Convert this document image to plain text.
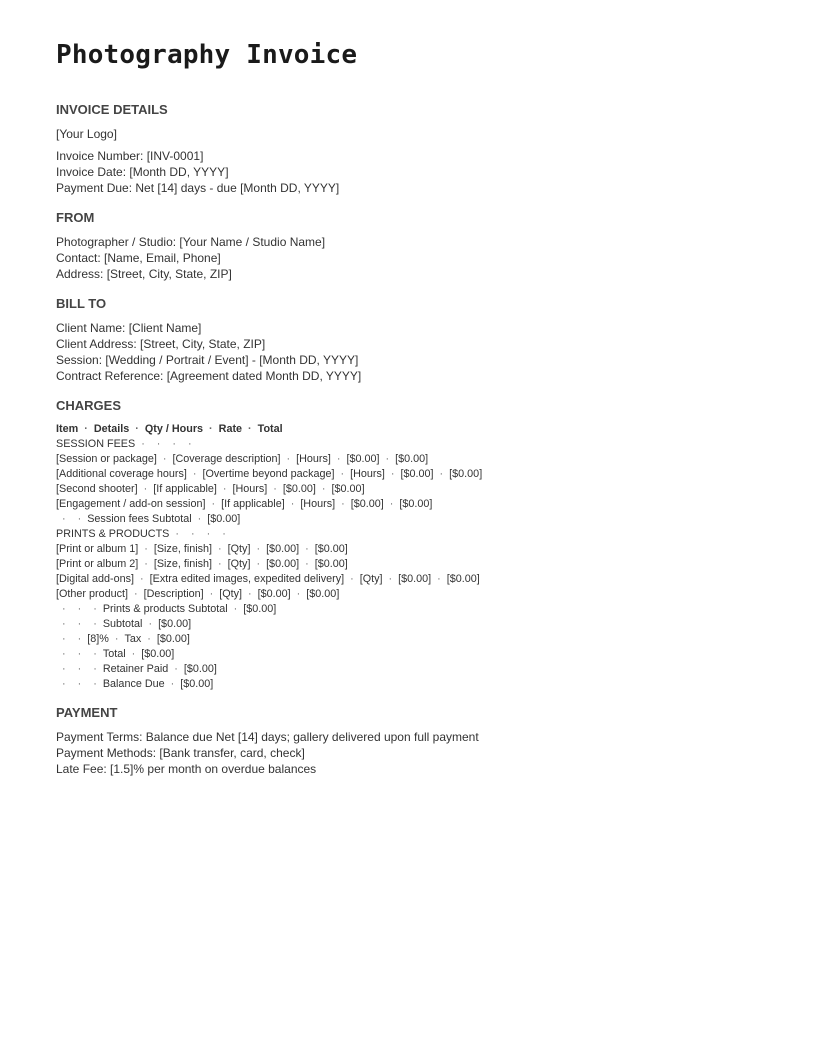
Photography Invoice
INVOICE DETAILS
[Your Logo]
Invoice Number: [INV-0001]
Invoice Date: [Month DD, YYYY]
Payment Due: Net [14] days - due [Month DD, YYYY]
FROM
Photographer / Studio: [Your Name / Studio Name]
Contact: [Name, Email, Phone]
Address: [Street, City, State, ZIP]
BILL TO
Client Name: [Client Name]
Client Address: [Street, City, State, ZIP]
Session: [Wedding / Portrait / Event] - [Month DD, YYYY]
Contract Reference: [Agreement dated Month DD, YYYY]
CHARGES
Item  ·  Details  ·  Qty / Hours  ·  Rate  ·  Total
SESSION FEES  ·    ·    ·    ·
[Session or package]  ·  [Coverage description]  ·  [Hours]  ·  [$0.00]  ·  [$0.00]
[Additional coverage hours]  ·  [Overtime beyond package]  ·  [Hours]  ·  [$0.00]  ·  [$0.00]
[Second shooter]  ·  [If applicable]  ·  [Hours]  ·  [$0.00]  ·  [$0.00]
[Engagement / add-on session]  ·  [If applicable]  ·  [Hours]  ·  [$0.00]  ·  [$0.00]
·    ·  Session fees Subtotal  ·  [$0.00]
PRINTS & PRODUCTS  ·    ·    ·    ·
[Print or album 1]  ·  [Size, finish]  ·  [Qty]  ·  [$0.00]  ·  [$0.00]
[Print or album 2]  ·  [Size, finish]  ·  [Qty]  ·  [$0.00]  ·  [$0.00]
[Digital add-ons]  ·  [Extra edited images, expedited delivery]  ·  [Qty]  ·  [$0.00]  ·  [$0.00]
[Other product]  ·  [Description]  ·  [Qty]  ·  [$0.00]  ·  [$0.00]
·    ·    ·  Prints & products Subtotal  ·  [$0.00]
·    ·    ·  Subtotal  ·  [$0.00]
·    ·  [8]%  ·  Tax  ·  [$0.00]
·    ·    ·  Total  ·  [$0.00]
·    ·    ·  Retainer Paid  ·  [$0.00]
·    ·    ·  Balance Due  ·  [$0.00]
PAYMENT
Payment Terms: Balance due Net [14] days; gallery delivered upon full payment
Payment Methods: [Bank transfer, card, check]
Late Fee: [1.5]% per month on overdue balances
